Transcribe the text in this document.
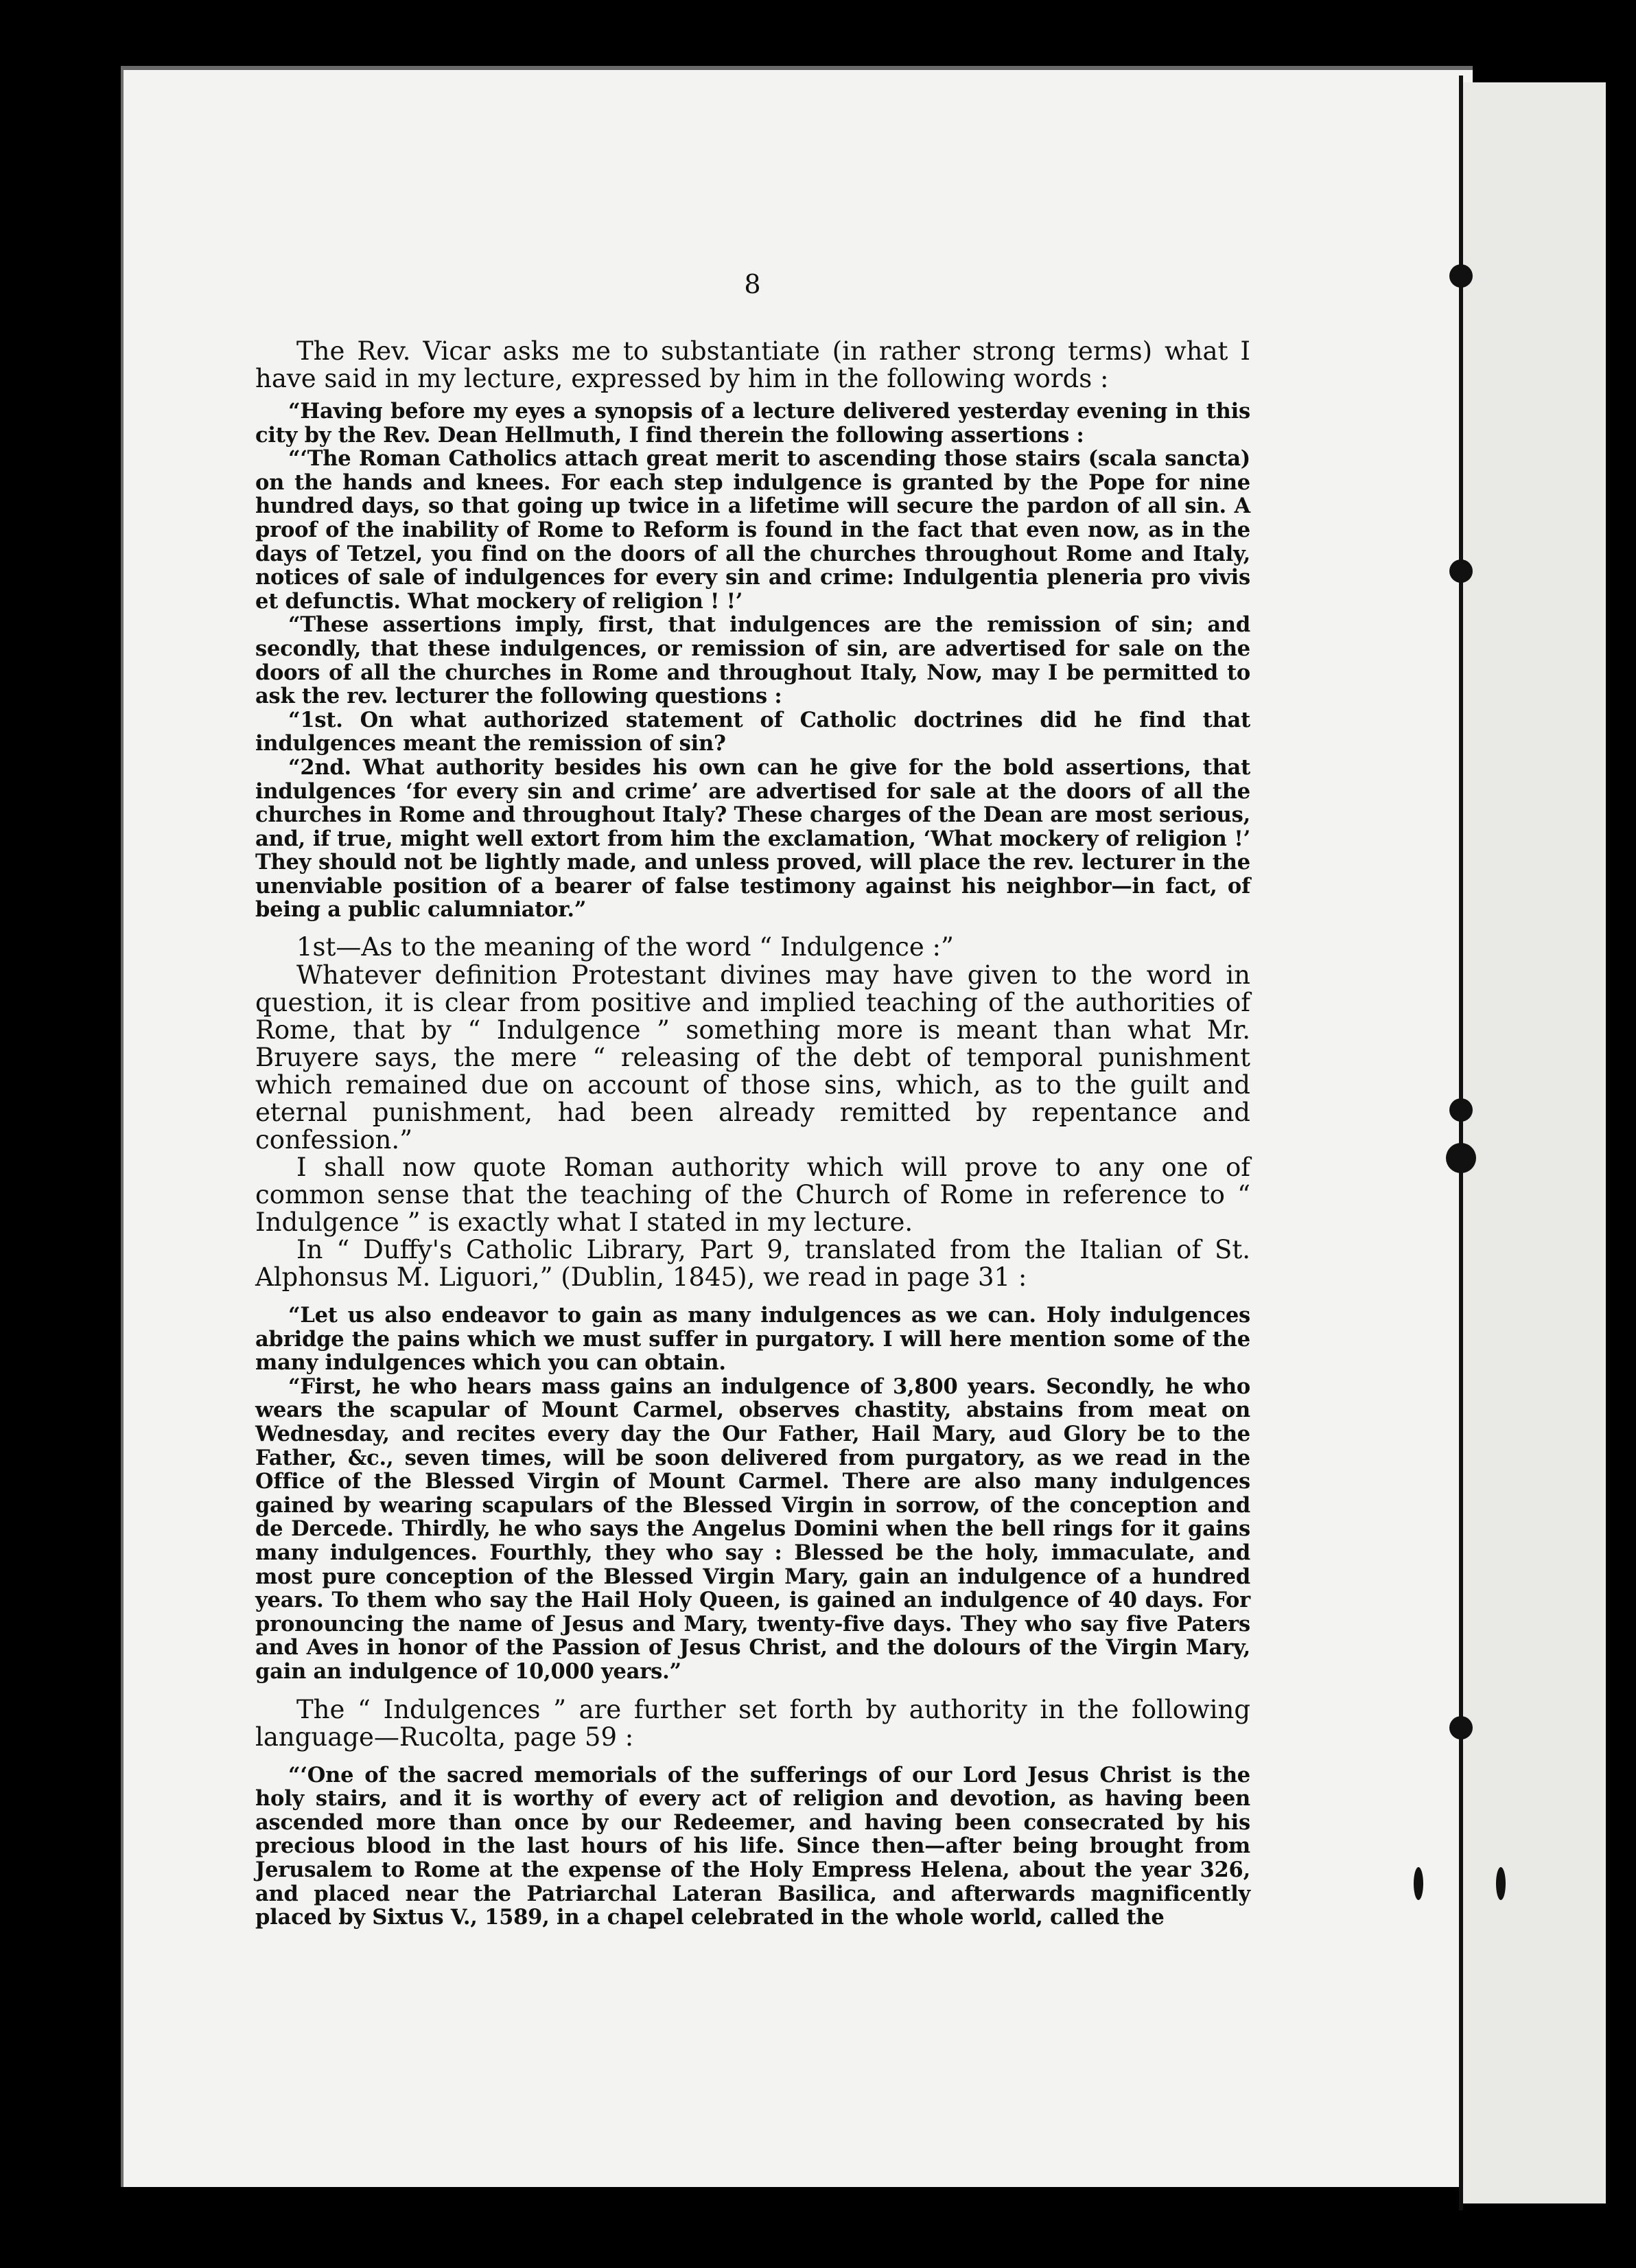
8

The Rev. Vicar asks me to substantiate (in rather strong terms) what I have said in my lecture, expressed by him in the following words :

“Having before my eyes a synopsis of a lecture delivered yesterday evening in this city by the Rev. Dean Hellmuth, I find therein the following assertions :

“‘The Roman Catholics attach great merit to ascending those stairs (scala sancta) on the hands and knees. For each step indulgence is granted by the Pope for nine hundred days, so that going up twice in a lifetime will secure the pardon of all sin. A proof of the inability of Rome to Reform is found in the fact that even now, as in the days of Tetzel, you find on the doors of all the churches throughout Rome and Italy, notices of sale of indulgences for every sin and crime: Indulgentia pleneria pro vivis et defunctis. What mockery of religion ! !’

“These assertions imply, first, that indulgences are the remission of sin; and secondly, that these indulgences, or remission of sin, are advertised for sale on the doors of all the churches in Rome and throughout Italy, Now, may I be permitted to ask the rev. lecturer the following questions :

“1st. On what authorized statement of Catholic doctrines did he find that indulgences meant the remission of sin?

“2nd. What authority besides his own can he give for the bold assertions, that indulgences ‘for every sin and crime’ are advertised for sale at the doors of all the churches in Rome and throughout Italy? These charges of the Dean are most serious, and, if true, might well extort from him the exclamation, ‘What mockery of religion !’ They should not be lightly made, and unless proved, will place the rev. lecturer in the unenviable position of a bearer of false testimony against his neighbor—in fact, of being a public calumniator.”

1st—As to the meaning of the word “ Indulgence :”

Whatever definition Protestant divines may have given to the word in question, it is clear from positive and implied teaching of the authorities of Rome, that by “ Indulgence ” something more is meant than what Mr. Bruyere says, the mere “ releasing of the debt of temporal punishment which remained due on account of those sins, which, as to the guilt and eternal punishment, had been already remitted by repentance and confession.”

I shall now quote Roman authority which will prove to any one of common sense that the teaching of the Church of Rome in reference to “ Indulgence ” is exactly what I stated in my lecture.

In “ Duffy's Catholic Library, Part 9, translated from the Italian of St. Alphonsus M. Liguori,” (Dublin, 1845), we read in page 31 :

“Let us also endeavor to gain as many indulgences as we can. Holy indulgences abridge the pains which we must suffer in purgatory. I will here mention some of the many indulgences which you can obtain.

“First, he who hears mass gains an indulgence of 3,800 years. Secondly, he who wears the scapular of Mount Carmel, observes chastity, abstains from meat on Wednesday, and recites every day the Our Father, Hail Mary, aud Glory be to the Father, &c., seven times, will be soon delivered from purgatory, as we read in the Office of the Blessed Virgin of Mount Carmel. There are also many indulgences gained by wearing scapulars of the Blessed Virgin in sorrow, of the conception and de Dercede. Thirdly, he who says the Angelus Domini when the bell rings for it gains many indulgences. Fourthly, they who say : Blessed be the holy, immaculate, and most pure conception of the Blessed Virgin Mary, gain an indulgence of a hundred years. To them who say the Hail Holy Queen, is gained an indulgence of 40 days. For pronouncing the name of Jesus and Mary, twenty-five days. They who say five Paters and Aves in honor of the Passion of Jesus Christ, and the dolours of the Virgin Mary, gain an indulgence of 10,000 years.”

The “ Indulgences ” are further set forth by authority in the following language—Rucolta, page 59 :

“‘One of the sacred memorials of the sufferings of our Lord Jesus Christ is the holy stairs, and it is worthy of every act of religion and devotion, as having been ascended more than once by our Redeemer, and having been consecrated by his precious blood in the last hours of his life. Since then—after being brought from Jerusalem to Rome at the expense of the Holy Empress Helena, about the year 326, and placed near the Patriarchal Lateran Basilica, and afterwards magnificently placed by Sixtus V., 1589, in a chapel celebrated in the whole world, called the
